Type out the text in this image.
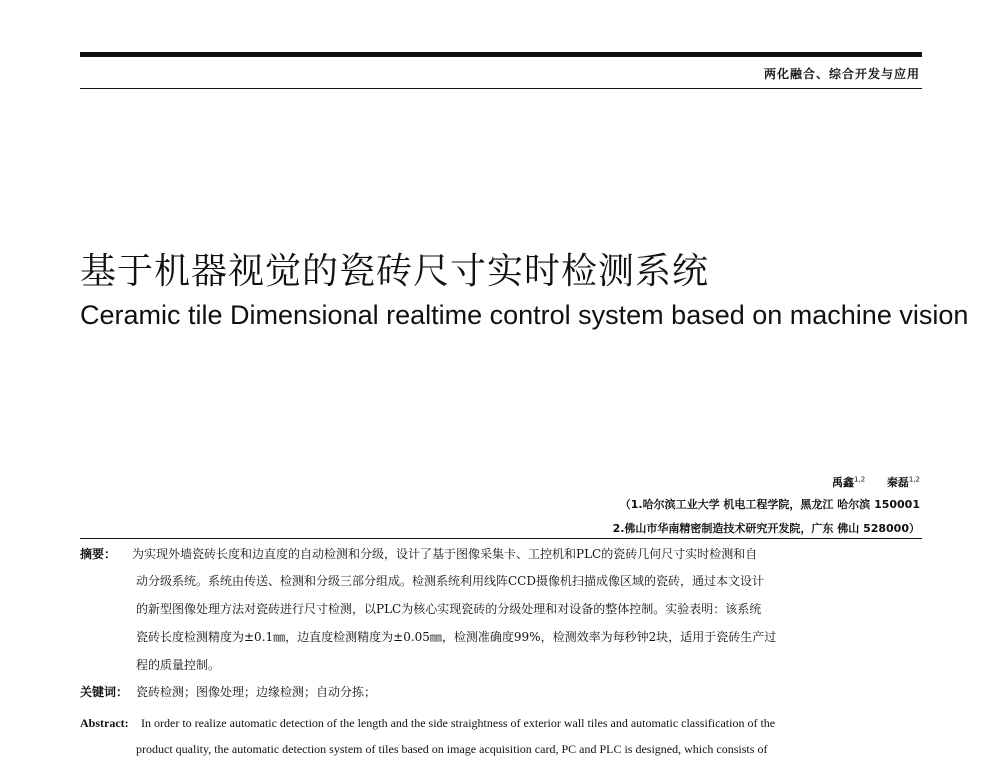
两化融合、综合开发与应用
基于机器视觉的瓷砖尺寸实时检测系统
Ceramic tile Dimensional realtime control system based on machine vision
禹鑫$^{1,2}$ 秦磊$^{1,2}$
（1.哈尔滨工业大学 机电工程学院，黑龙江 哈尔滨 150001
2.佛山市华南精密制造技术研究开发院，广东 佛山 528000）
摘要： 为实现外墙瓷砖长度和边直度的自动检测和分级，设计了基于图像采集卡、工控机和PLC的瓷砖几何尺寸实时检测和自
动分级系统。系统由传送、检测和分级三部分组成。检测系统利用线阵CCD摄像机扫描成像区域的瓷砖，通过本文设计
的新型图像处理方法对瓷砖进行尺寸检测，以PLC为核心实现瓷砖的分级处理和对设备的整体控制。实验表明：该系统
瓷砖长度检测精度为±0.1㎜，边直度检测精度为±0.05㎜，检测准确度99%，检测效率为每秒钟2块，适用于瓷砖生产过
程的质量控制。
关键词： 瓷砖检测；图像处理；边缘检测；自动分拣；
Abstract: In order to realize automatic detection of the length and the side straightness of exterior wall tiles and automatic classification of the
product quality, the automatic detection system of tiles based on image acquisition card, PC and PLC is designed, which consists of
